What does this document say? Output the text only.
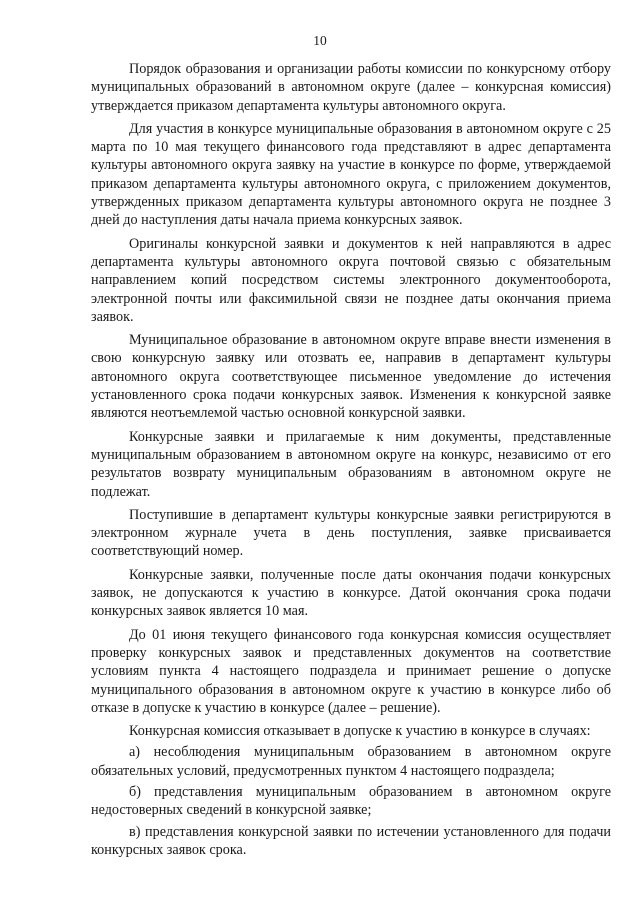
10

Порядок образования и организации работы комиссии по конкурсному отбору муниципальных образований в автономном округе (далее – конкурсная комиссия) утверждается приказом департамента культуры автономного округа.

Для участия в конкурсе муниципальные образования в автономном округе с 25 марта по 10 мая текущего финансового года представляют в адрес департамента культуры автономного округа заявку на участие в конкурсе по форме, утверждаемой приказом департамента культуры автономного округа, с приложением документов, утвержденных приказом департамента культуры автономного округа не позднее 3 дней до наступления даты начала приема конкурсных заявок.

Оригиналы конкурсной заявки и документов к ней направляются в адрес департамента культуры автономного округа почтовой связью с обязательным направлением копий посредством системы электронного документооборота, электронной почты или факсимильной связи не позднее даты окончания приема заявок.

Муниципальное образование в автономном округе вправе внести изменения в свою конкурсную заявку или отозвать ее, направив в департамент культуры автономного округа соответствующее письменное уведомление до истечения установленного срока подачи конкурсных заявок. Изменения к конкурсной заявке являются неотъемлемой частью основной конкурсной заявки.

Конкурсные заявки и прилагаемые к ним документы, представленные муниципальным образованием в автономном округе на конкурс, независимо от его результатов возврату муниципальным образованиям в автономном округе не подлежат.

Поступившие в департамент культуры конкурсные заявки регистрируются в электронном журнале учета в день поступления, заявке присваивается соответствующий номер.

Конкурсные заявки, полученные после даты окончания подачи конкурсных заявок, не допускаются к участию в конкурсе. Датой окончания срока подачи конкурсных заявок является 10 мая.

До 01 июня текущего финансового года конкурсная комиссия осуществляет проверку конкурсных заявок и представленных документов на соответствие условиям пункта 4 настоящего подраздела и принимает решение о допуске муниципального образования в автономном округе к участию в конкурсе либо об отказе в допуске к участию в конкурсе (далее – решение).

Конкурсная комиссия отказывает в допуске к участию в конкурсе в случаях:

а) несоблюдения муниципальным образованием в автономном округе обязательных условий, предусмотренных пунктом 4 настоящего подраздела;

б) представления муниципальным образованием в автономном округе недостоверных сведений в конкурсной заявке;

в) представления конкурсной заявки по истечении установленного для подачи конкурсных заявок срока.
